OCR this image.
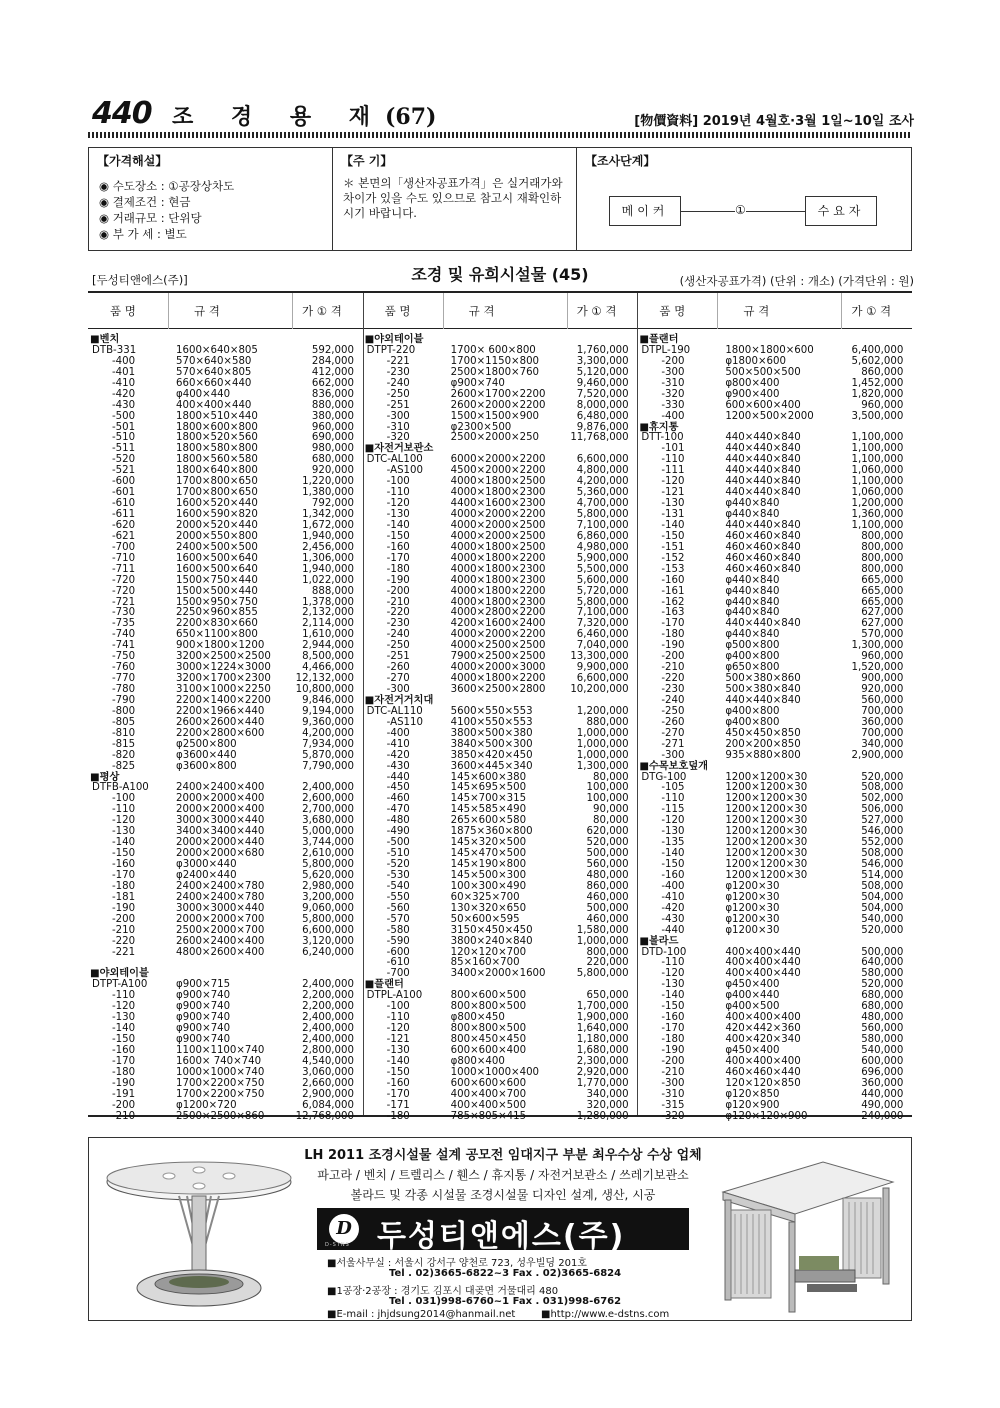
440 조 경 용 재(67)	[物價資料] 2019년 4월호·3월 1일~10일 조사
【가격해설】
◉ 수도장소 : ①공장상차도
◉ 결제조건 : 현금
◉ 거래규모 : 단위당
◉ 부 가 세 : 별도
【주 기】
＊ 본면의「생산자공표가격」은 실거래가와 차이가 있을 수도 있으므로 참고시 재확인하시기 바랍니다.
【조사단계】
메이커	①	수요자
[두성티앤에스(주)]	조경 및 유희시설물 (45)	(생산자공표가격) (단위 : 개소) (가격단위 : 원)
품 명	규 격	가 ① 격	품 명	규 격	가 ① 격	품 명	규 격	가 ① 격
■벤치
DTB-331	1600×640×805	592,000
-400	570×640×580	284,000
-401	570×640×805	412,000
-410	660×660×440	662,000
-420	φ400×440	836,000
-430	400×400×440	880,000
-500	1800×510×440	380,000
-501	1800×600×800	960,000
-510	1800×520×560	690,000
-511	1800×580×800	980,000
-520	1800×560×580	680,000
-521	1800×640×800	920,000
-600	1700×800×650	1,220,000
-601	1700×800×650	1,380,000
-610	1600×520×440	792,000
-611	1600×590×820	1,342,000
-620	2000×520×440	1,672,000
-621	2000×550×800	1,940,000
-700	2400×500×500	2,456,000
-710	1600×500×640	1,306,000
-711	1600×500×640	1,940,000
-720	1500×750×440	1,022,000
-720	1500×500×440	888,000
-721	1500×950×750	1,378,000
-730	2250×960×855	2,132,000
-735	2200×830×660	2,114,000
-740	650×1100×800	1,610,000
-741	900×1800×1200	2,944,000
-750	3200×2500×2500	8,500,000
-760	3000×1224×3000	4,466,000
-770	3200×1700×2300	12,132,000
-780	3100×1000×2250	10,800,000
-790	2200×1400×2200	9,846,000
-800	2200×1966×440	9,194,000
-805	2600×2600×440	9,360,000
-810	2200×2800×600	4,200,000
-815	φ2500×800	7,934,000
-820	φ3600×440	5,870,000
-825	φ3600×800	7,790,000
■평상
DTFB-A100	2400×2400×400	2,400,000
-100	2000×2000×400	2,600,000
-110	2000×2000×400	2,700,000
-120	3000×3000×440	3,680,000
-130	3400×3400×440	5,000,000
-140	2000×2000×440	3,744,000
-150	2000×2000×680	2,610,000
-160	φ3000×440	5,800,000
-170	φ2400×440	5,620,000
-180	2400×2400×780	2,980,000
-181	2400×2400×780	3,200,000
-190	3000×3000×440	9,060,000
-200	2000×2000×700	5,800,000
-210	2500×2000×700	6,600,000
-220	2600×2400×400	3,120,000
-221	4800×2600×400	6,240,000
■야외테이블
DTPT-A100	φ900×715	2,400,000
-110	φ900×740	2,200,000
-120	φ900×740	2,200,000
-130	φ900×740	2,400,000
-140	φ900×740	2,400,000
-150	φ900×740	2,400,000
-160	1100×1100×740	2,800,000
-170	1600× 740×740	4,540,000
-180	1000×1000×740	3,060,000
-190	1700×2200×750	2,660,000
-191	1700×2200×750	2,900,000
-200	φ1200×720	6,084,000
-210	2500×2500×860	12,768,000
■야외테이블
DTPT-220	1700× 600×800	1,760,000
-221	1700×1150×800	3,300,000
-230	2500×1800×760	5,120,000
-240	φ900×740	9,460,000
-250	2600×1700×2200	7,520,000
-251	2600×2000×2200	8,000,000
-300	1500×1500×900	6,480,000
-310	φ2300×500	9,876,000
-320	2500×2000×250	11,768,000
■자전거보관소
DTC-AL100	6000×2000×2200	6,600,000
-AS100	4500×2000×2200	4,800,000
-100	4000×1800×2500	4,200,000
-110	4000×1800×2300	5,360,000
-120	4400×1600×2300	4,700,000
-130	4000×2000×2200	5,800,000
-140	4000×2000×2500	7,100,000
-150	4000×2000×2500	6,860,000
-160	4000×1800×2500	4,980,000
-170	4000×1800×2200	5,900,000
-180	4000×1800×2300	5,500,000
-190	4000×1800×2300	5,600,000
-200	4000×1800×2200	5,720,000
-210	4000×1800×2300	5,800,000
-220	4000×2800×2200	7,100,000
-230	4200×1600×2400	7,320,000
-240	4000×2000×2200	6,460,000
-250	4000×2500×2500	7,040,000
-251	7900×2500×2500	13,300,000
-260	4000×2000×3000	9,900,000
-270	4000×1800×2200	6,600,000
-300	3600×2500×2800	10,200,000
■자전거거치대
DTC-AL110	5600×550×553	1,200,000
-AS110	4100×550×553	880,000
-400	3800×500×380	1,000,000
-410	3840×500×300	1,000,000
-420	3850×420×450	1,000,000
-430	3600×445×340	1,300,000
-440	145×600×380	80,000
-450	145×695×500	100,000
-460	145×700×315	100,000
-470	145×585×490	90,000
-480	265×600×580	80,000
-490	1875×360×800	620,000
-500	145×320×500	520,000
-510	145×470×500	500,000
-520	145×190×800	560,000
-530	145×500×300	480,000
-540	100×300×490	860,000
-550	60×325×700	460,000
-560	130×320×650	500,000
-570	50×600×595	460,000
-580	3150×450×450	1,580,000
-590	3800×240×840	1,000,000
-600	120×120×700	800,000
-610	85×160×700	220,000
-700	3400×2000×1600	5,800,000
■플랜터
DTPL-A100	800×600×500	650,000
-100	800×800×500	1,700,000
-110	φ800×450	1,900,000
-120	800×800×500	1,640,000
-121	800×450×450	1,180,000
-130	600×600×400	1,680,000
-140	φ800×400	2,300,000
-150	1000×1000×400	2,920,000
-160	600×600×600	1,770,000
-170	400×400×700	340,000
-171	400×400×500	320,000
-180	785×805×415	1,280,000
■플랜터
DTPL-190	1800×1800×600	6,400,000
-200	φ1800×600	5,602,000
-300	500×500×500	860,000
-310	φ800×400	1,452,000
-320	φ900×400	1,820,000
-330	600×600×400	960,000
-400	1200×500×2000	3,500,000
■휴지통
DTT-100	440×440×840	1,100,000
-101	440×440×840	1,100,000
-110	440×440×840	1,100,000
-111	440×440×840	1,060,000
-120	440×440×840	1,100,000
-121	440×440×840	1,060,000
-130	φ440×840	1,200,000
-131	φ440×840	1,360,000
-140	440×440×840	1,100,000
-150	460×460×840	800,000
-151	460×460×840	800,000
-152	460×460×840	800,000
-153	460×460×840	800,000
-160	φ440×840	665,000
-161	φ440×840	665,000
-162	φ440×840	665,000
-163	φ440×840	627,000
-170	440×440×840	627,000
-180	φ440×840	570,000
-190	φ500×800	1,300,000
-200	φ400×800	960,000
-210	φ650×800	1,520,000
-220	500×380×860	900,000
-230	500×380×840	920,000
-240	440×440×840	560,000
-250	φ400×800	700,000
-260	φ400×800	360,000
-270	450×450×850	700,000
-271	200×200×850	340,000
-300	935×880×800	2,900,000
■수목보호덮개
DTG-100	1200×1200×30	520,000
-105	1200×1200×30	508,000
-110	1200×1200×30	502,000
-115	1200×1200×30	506,000
-120	1200×1200×30	527,000
-130	1200×1200×30	546,000
-135	1200×1200×30	552,000
-140	1200×1200×30	508,000
-150	1200×1200×30	546,000
-160	1200×1200×30	514,000
-400	φ1200×30	508,000
-410	φ1200×30	504,000
-420	φ1200×30	504,000
-430	φ1200×30	540,000
-440	φ1200×30	520,000
■볼라드
DTD-100	400×400×440	500,000
-110	400×400×440	640,000
-120	400×400×440	580,000
-130	φ450×400	520,000
-140	φ400×440	680,000
-150	φ400×500	680,000
-160	400×400×400	480,000
-170	420×442×360	560,000
-180	400×420×340	580,000
-190	φ450×400	540,000
-200	400×400×400	600,000
-210	460×460×440	696,000
-300	120×120×850	360,000
-310	φ120×850	440,000
-315	φ120×900	490,000
-320	φ120×120×900	240,000
LH 2011 조경시설물 설계 공모전 임대지구 부분 최우수상 수상 업체
파고라 / 벤치 / 트렐리스 / 휀스 / 휴지통 / 자전거보관소 / 쓰레기보관소
볼라드 및 각종 시설물 조경시설물 디자인 설계, 생산, 시공
D
D-STNS 두성티앤에스(주)
■서울사무실 : 서울시 강서구 양천로 723, 성우빌딩 201호
Tel . 02)3665-6822~3 Fax . 02)3665-6824
■1공장·2공장 : 경기도 김포시 대곶면 거물대리 480
Tel . 031)998-6760~1 Fax . 031)998-6762
■E-mail : jhjdsung2014@hanmail.net	■http://www.e-dstns.com
